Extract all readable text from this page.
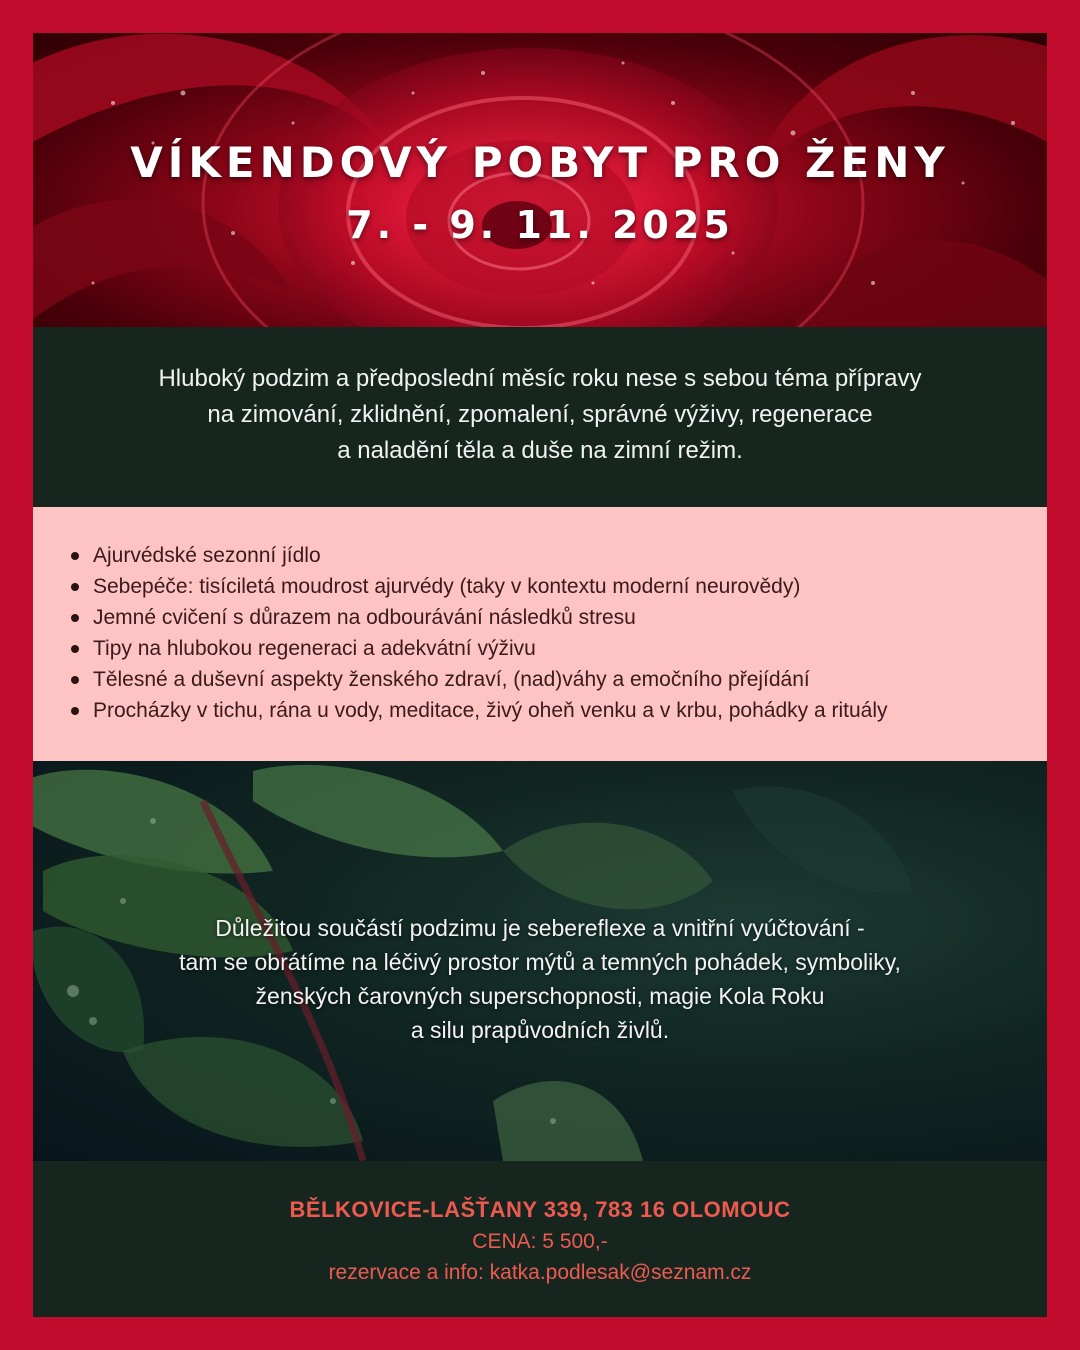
VÍKENDOVÝ POBYT PRO ŽENY
7. - 9. 11. 2025

Hluboký podzim a předposlední měsíc roku nese s sebou téma přípravy
na zimování, zklidnění, zpomalení, správné výživy, regenerace
a naladění těla a duše na zimní režim.

Ajurvédské sezonní jídlo
Sebepéče: tisíciletá moudrost ajurvédy (taky v kontextu moderní neurovědy)
Jemné cvičení s důrazem na odbourávání následků stresu
Tipy na hlubokou regeneraci a adekvátní výživu
Tělesné a duševní aspekty ženského zdraví, (nad)váhy a emočního přejídání
Procházky v tichu, rána u vody, meditace, živý oheň venku a v krbu, pohádky a rituály

Důležitou součástí podzimu je sebereflexe a vnitřní vyúčtování -
tam se obrátíme na léčivý prostor mýtů a temných pohádek, symboliky,
ženských čarovných superschopnosti, magie Kola Roku
a silu prapůvodních živlů.

BĚLKOVICE-LAŠŤANY 339, 783 16 OLOMOUC
CENA: 5 500,-
rezervace a info: katka.podlesak@seznam.cz
